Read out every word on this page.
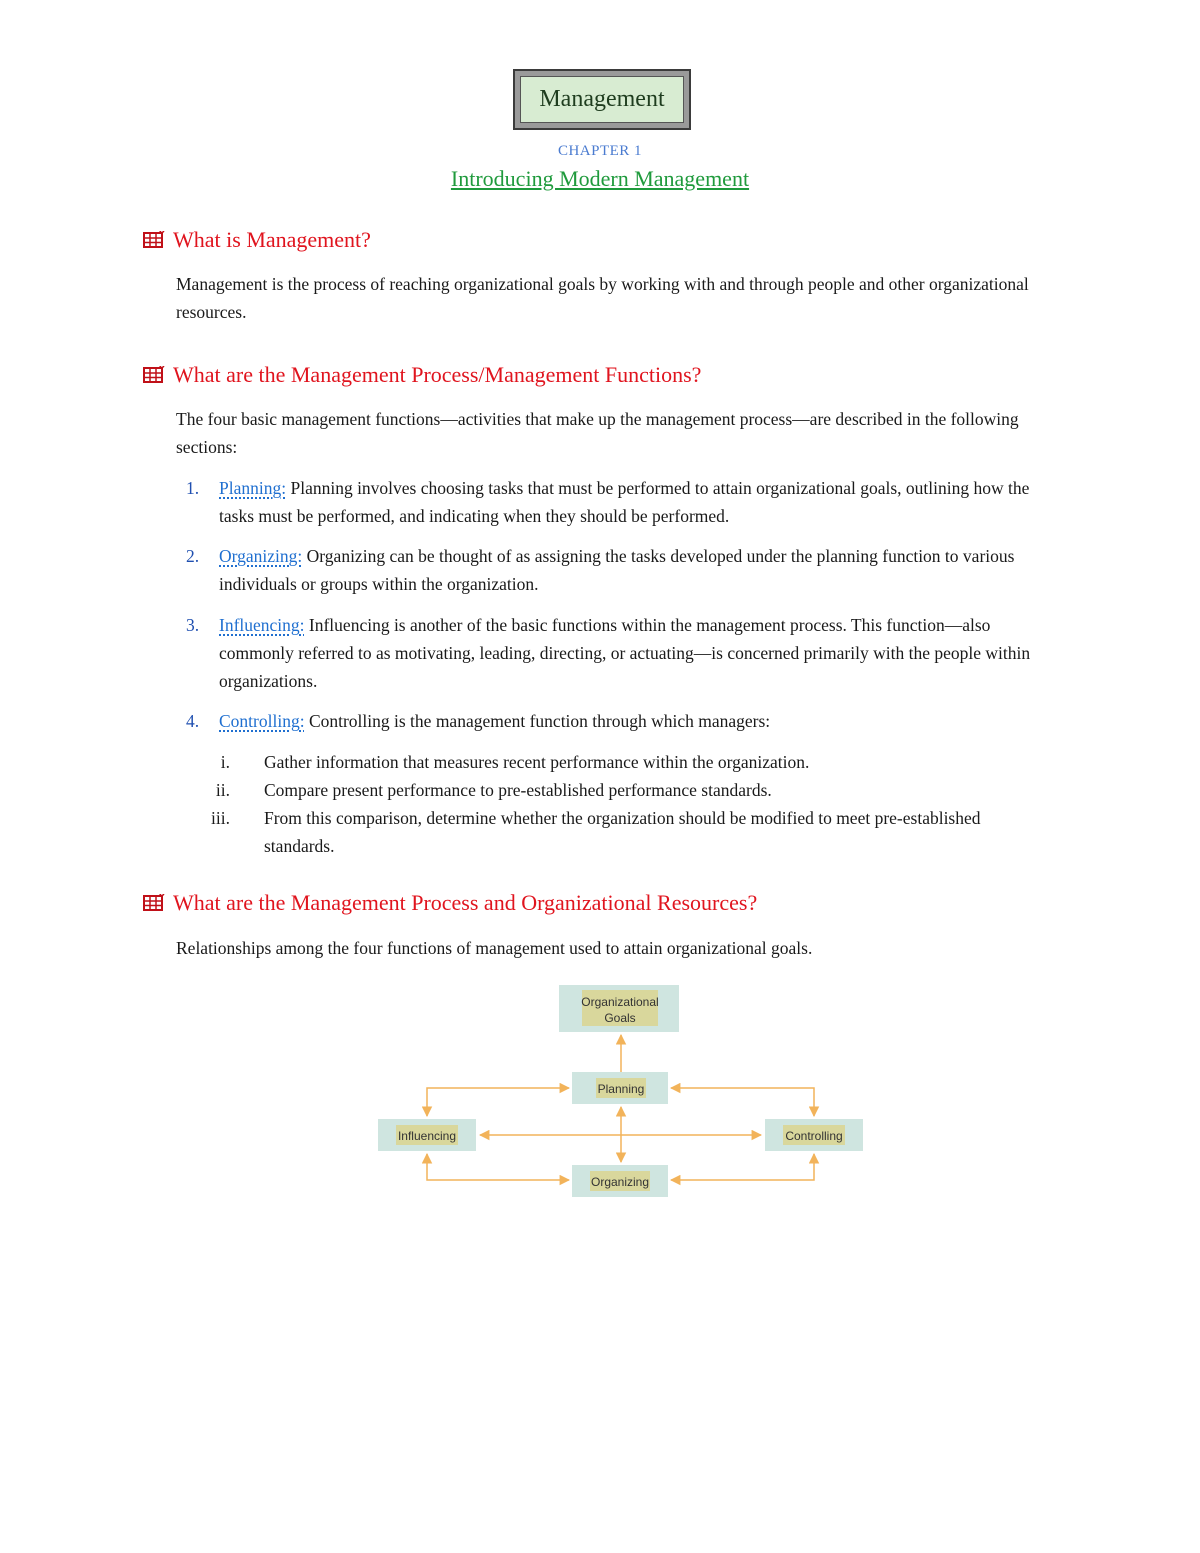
Management
CHAPTER 1
Introducing Modern Management
What is Management?
Management is the process of reaching organizational goals by working with and through people and other organizational resources.
What are the Management Process/Management Functions?
The four basic management functions—activities that make up the management process—are described in the following sections:
1. Planning: Planning involves choosing tasks that must be performed to attain organizational goals, outlining how the tasks must be performed, and indicating when they should be performed.
2. Organizing: Organizing can be thought of as assigning the tasks developed under the planning function to various individuals or groups within the organization.
3. Influencing: Influencing is another of the basic functions within the management process. This function—also commonly referred to as motivating, leading, directing, or actuating—is concerned primarily with the people within organizations.
4. Controlling: Controlling is the management function through which managers:
i. Gather information that measures recent performance within the organization.
ii. Compare present performance to pre-established performance standards.
iii. From this comparison, determine whether the organization should be modified to meet pre-established standards.
What are the Management Process and Organizational Resources?
Relationships among the four functions of management used to attain organizational goals.
Organizational
Goals
Planning
Influencing	Controlling
Organizing
